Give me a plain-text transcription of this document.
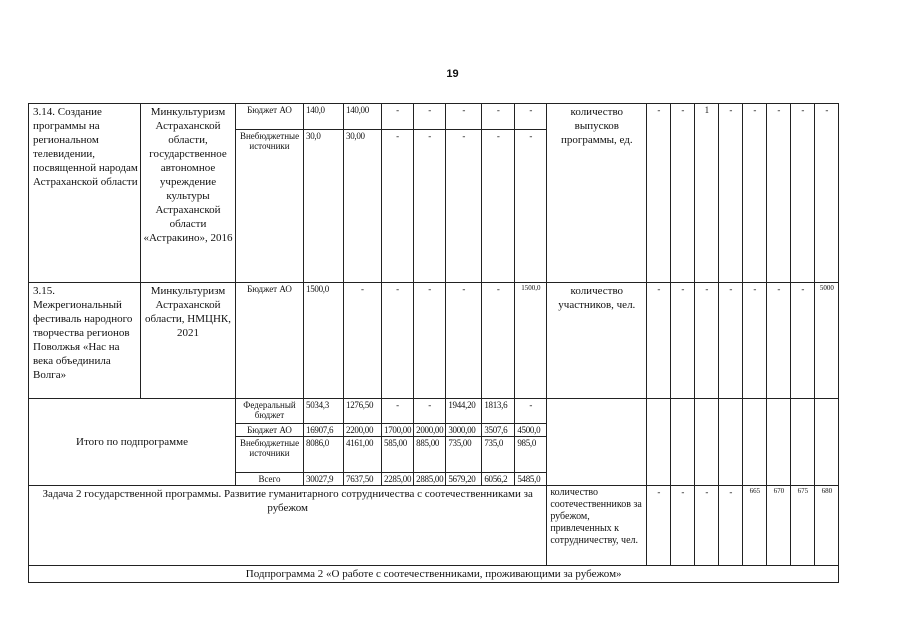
19
3.14. Создание программы на региональном телевидении, посвященной народам Астраханской области	Минкультуризм Астраханской области, государственное автономное учреждение культуры Астраханской области «Астракино», 2016	Бюджет АО	140,0	140,00	-	-	-	-	-	количество выпусков программы, ед.	-	-	1	-	-	-	-	-
		Внебюджетные источники	30,0	30,00	-	-	-	-	-									
3.15. Межрегиональный фестиваль народного творчества регионов Поволжья «Нас на века объединила Волга»	Минкультуризм Астраханской области, НМЦНК, 2021	Бюджет АО	1500,0	-	-	-	-	-	1500,0	количество участников, чел.	-	-	-	-	-	-	-	5000
Итого по подпрограмме		Федеральный бюджет	5034,3	1276,50	-	-	1944,20	1813,6	-									
		Бюджет АО	16907,6	2200,00	1700,00	2000,00	3000,00	3507,6	4500,0									
		Внебюджетные источники	8086,0	4161,00	585,00	885,00	735,00	735,0	985,0									
		Всего	30027,9	7637,50	2285,00	2885,00	5679,20	6056,2	5485,0									
Задача 2 государственной программы. Развитие гуманитарного сотрудничества с соотечественниками за рубежом										количество соотечественников за рубежом, привлеченных к сотрудничеству, чел.	-	-	-	-	665	670	675	680
Подпрограмма 2 «О работе с соотечественниками, проживающими за рубежом»																		
